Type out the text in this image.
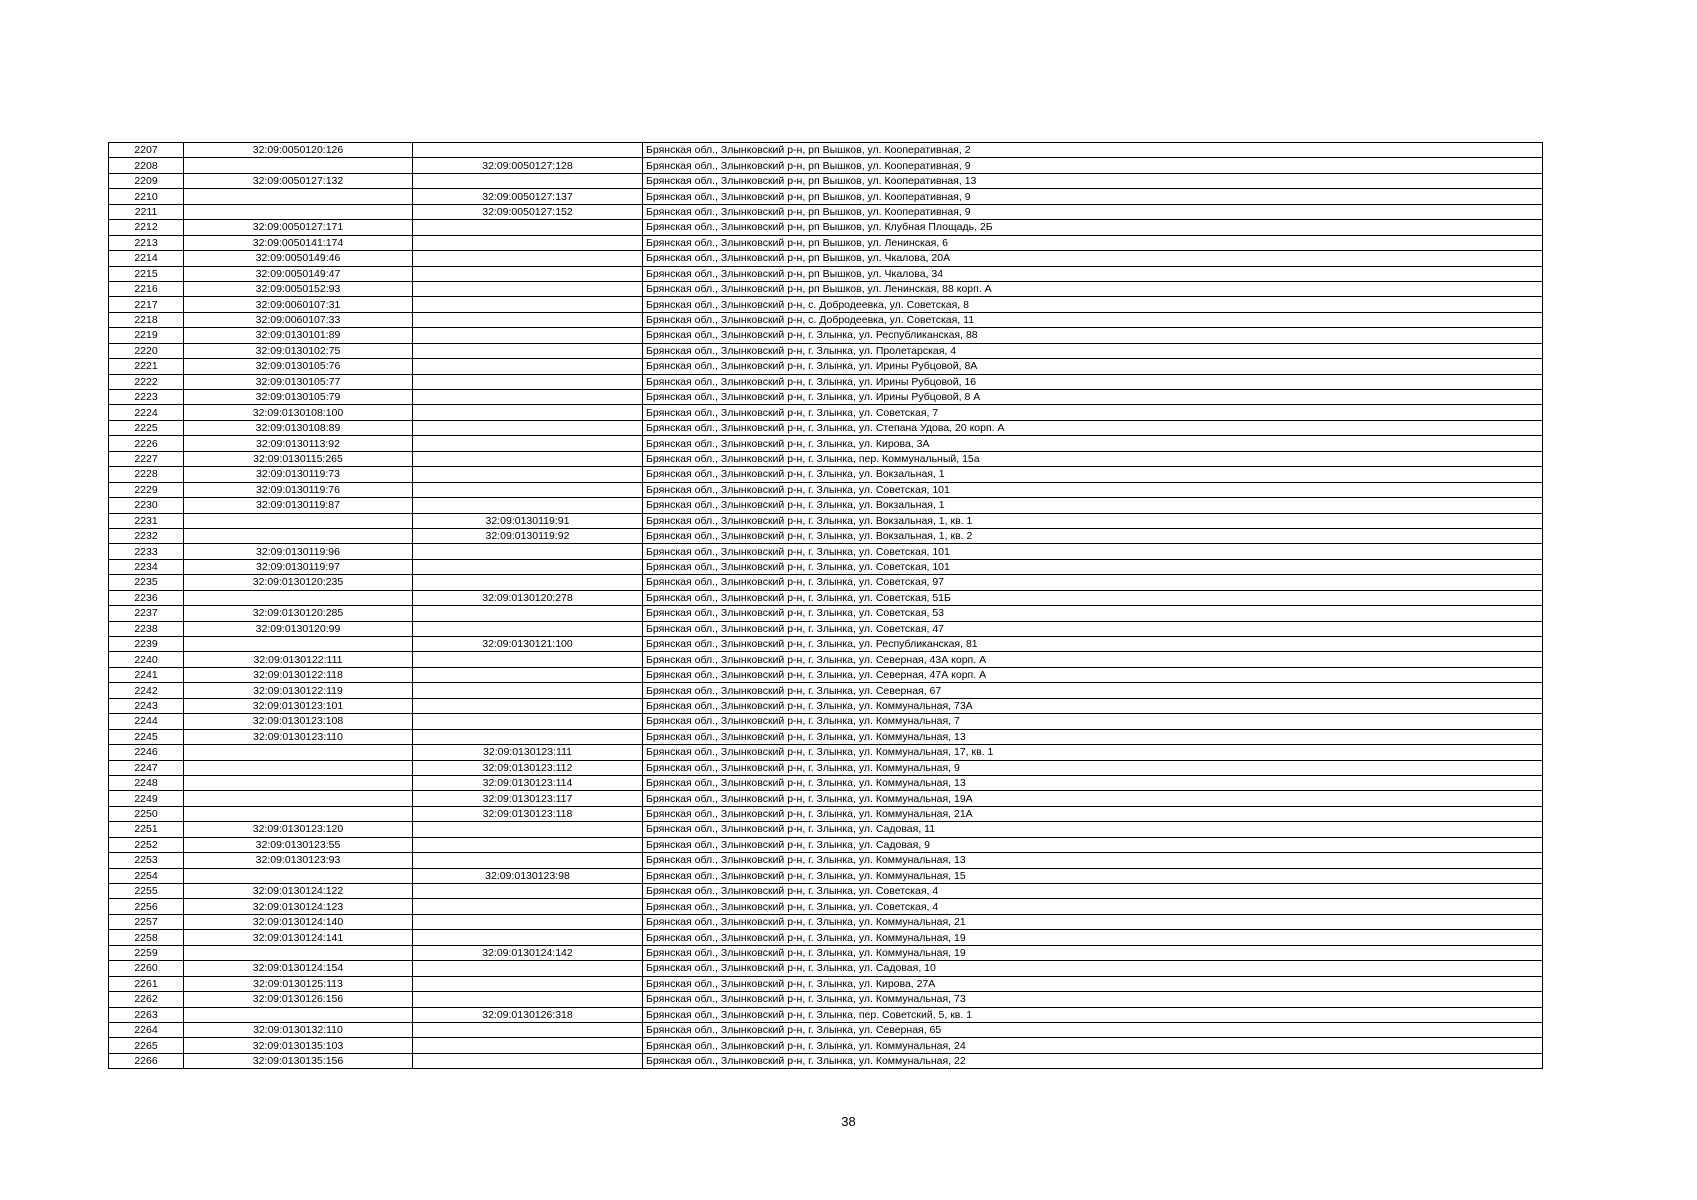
2207	32:09:0050120:126		Брянская обл., Злынковский р-н, рп Вышков, ул. Кооперативная, 2
2208		32:09:0050127:128	Брянская обл., Злынковский р-н, рп Вышков, ул. Кооперативная, 9
2209	32:09:0050127:132		Брянская обл., Злынковский р-н, рп Вышков, ул. Кооперативная, 13
2210		32:09:0050127:137	Брянская обл., Злынковский р-н, рп Вышков, ул. Кооперативная, 9
2211		32:09:0050127:152	Брянская обл., Злынковский р-н, рп Вышков, ул. Кооперативная, 9
2212	32:09:0050127:171		Брянская обл., Злынковский р-н, рп Вышков, ул. Клубная Площадь, 2Б
2213	32:09:0050141:174		Брянская обл., Злынковский р-н, рп Вышков, ул. Ленинская, 6
2214	32:09:0050149:46		Брянская обл., Злынковский р-н, рп Вышков, ул. Чкалова, 20А
2215	32:09:0050149:47		Брянская обл., Злынковский р-н, рп Вышков, ул. Чкалова, 34
2216	32:09:0050152:93		Брянская обл., Злынковский р-н, рп Вышков, ул. Ленинская, 88 корп. А
2217	32:09:0060107:31		Брянская обл., Злынковский р-н, с. Добродеевка, ул. Советская, 8
2218	32:09:0060107:33		Брянская обл., Злынковский р-н, с. Добродеевка, ул. Советская, 11
2219	32:09:0130101:89		Брянская обл., Злынковский р-н, г. Злынка, ул. Республиканская, 88
2220	32:09:0130102:75		Брянская обл., Злынковский р-н, г. Злынка, ул. Пролетарская, 4
2221	32:09:0130105:76		Брянская обл., Злынковский р-н, г. Злынка, ул. Ирины Рубцовой, 8А
2222	32:09:0130105:77		Брянская обл., Злынковский р-н, г. Злынка, ул. Ирины Рубцовой, 16
2223	32:09:0130105:79		Брянская обл., Злынковский р-н, г. Злынка, ул. Ирины Рубцовой, 8 А
2224	32:09:0130108:100		Брянская обл., Злынковский р-н, г. Злынка, ул. Советская, 7
2225	32:09:0130108:89		Брянская обл., Злынковский р-н, г. Злынка, ул. Степана Удова, 20 корп. А
2226	32:09:0130113:92		Брянская обл., Злынковский р-н, г. Злынка, ул. Кирова, 3А
2227	32:09:0130115:265		Брянская обл., Злынковский р-н, г. Злынка, пер. Коммунальный, 15а
2228	32:09:0130119:73		Брянская обл., Злынковский р-н, г. Злынка, ул. Вокзальная, 1
2229	32:09:0130119:76		Брянская обл., Злынковский р-н, г. Злынка, ул. Советская, 101
2230	32:09:0130119:87		Брянская обл., Злынковский р-н, г. Злынка, ул. Вокзальная, 1
2231		32:09:0130119:91	Брянская обл., Злынковский р-н, г. Злынка, ул. Вокзальная, 1, кв. 1
2232		32:09:0130119:92	Брянская обл., Злынковский р-н, г. Злынка, ул. Вокзальная, 1, кв. 2
2233	32:09:0130119:96		Брянская обл., Злынковский р-н, г. Злынка, ул. Советская, 101
2234	32:09:0130119:97		Брянская обл., Злынковский р-н, г. Злынка, ул. Советская, 101
2235	32:09:0130120:235		Брянская обл., Злынковский р-н, г. Злынка, ул. Советская, 97
2236		32:09:0130120:278	Брянская обл., Злынковский р-н, г. Злынка, ул. Советская, 51Б
2237	32:09:0130120:285		Брянская обл., Злынковский р-н, г. Злынка, ул. Советская, 53
2238	32:09:0130120:99		Брянская обл., Злынковский р-н, г. Злынка, ул. Советская, 47
2239		32:09:0130121:100	Брянская обл., Злынковский р-н, г. Злынка, ул. Республиканская, 81
2240	32:09:0130122:111		Брянская обл., Злынковский р-н, г. Злынка, ул. Северная, 43А корп. А
2241	32:09:0130122:118		Брянская обл., Злынковский р-н, г. Злынка, ул. Северная, 47А корп. А
2242	32:09:0130122:119		Брянская обл., Злынковский р-н, г. Злынка, ул. Северная, 67
2243	32:09:0130123:101		Брянская обл., Злынковский р-н, г. Злынка, ул. Коммунальная, 73А
2244	32:09:0130123:108		Брянская обл., Злынковский р-н, г. Злынка, ул. Коммунальная, 7
2245	32:09:0130123:110		Брянская обл., Злынковский р-н, г. Злынка, ул. Коммунальная, 13
2246		32:09:0130123:111	Брянская обл., Злынковский р-н, г. Злынка, ул. Коммунальная, 17, кв. 1
2247		32:09:0130123:112	Брянская обл., Злынковский р-н, г. Злынка, ул. Коммунальная, 9
2248		32:09:0130123:114	Брянская обл., Злынковский р-н, г. Злынка, ул. Коммунальная, 13
2249		32:09:0130123:117	Брянская обл., Злынковский р-н, г. Злынка, ул. Коммунальная, 19А
2250		32:09:0130123:118	Брянская обл., Злынковский р-н, г. Злынка, ул. Коммунальная, 21А
2251	32:09:0130123:120		Брянская обл., Злынковский р-н, г. Злынка, ул. Садовая, 11
2252	32:09:0130123:55		Брянская обл., Злынковский р-н, г. Злынка, ул. Садовая, 9
2253	32:09:0130123:93		Брянская обл., Злынковский р-н, г. Злынка, ул. Коммунальная, 13
2254		32:09:0130123:98	Брянская обл., Злынковский р-н, г. Злынка, ул. Коммунальная, 15
2255	32:09:0130124:122		Брянская обл., Злынковский р-н, г. Злынка, ул. Советская, 4
2256	32:09:0130124:123		Брянская обл., Злынковский р-н, г. Злынка, ул. Советская, 4
2257	32:09:0130124:140		Брянская обл., Злынковский р-н, г. Злынка, ул. Коммунальная, 21
2258	32:09:0130124:141		Брянская обл., Злынковский р-н, г. Злынка, ул. Коммунальная, 19
2259		32:09:0130124:142	Брянская обл., Злынковский р-н, г. Злынка, ул. Коммунальная, 19
2260	32:09:0130124:154		Брянская обл., Злынковский р-н, г. Злынка, ул. Садовая, 10
2261	32:09:0130125:113		Брянская обл., Злынковский р-н, г. Злынка, ул. Кирова, 27А
2262	32:09:0130126:156		Брянская обл., Злынковский р-н, г. Злынка, ул. Коммунальная, 73
2263		32:09:0130126:318	Брянская обл., Злынковский р-н, г. Злынка, пер. Советский, 5, кв. 1
2264	32:09:0130132:110		Брянская обл., Злынковский р-н, г. Злынка, ул. Северная, 65
2265	32:09:0130135:103		Брянская обл., Злынковский р-н, г. Злынка, ул. Коммунальная, 24
2266	32:09:0130135:156		Брянская обл., Злынковский р-н, г. Злынка, ул. Коммунальная, 22
38
